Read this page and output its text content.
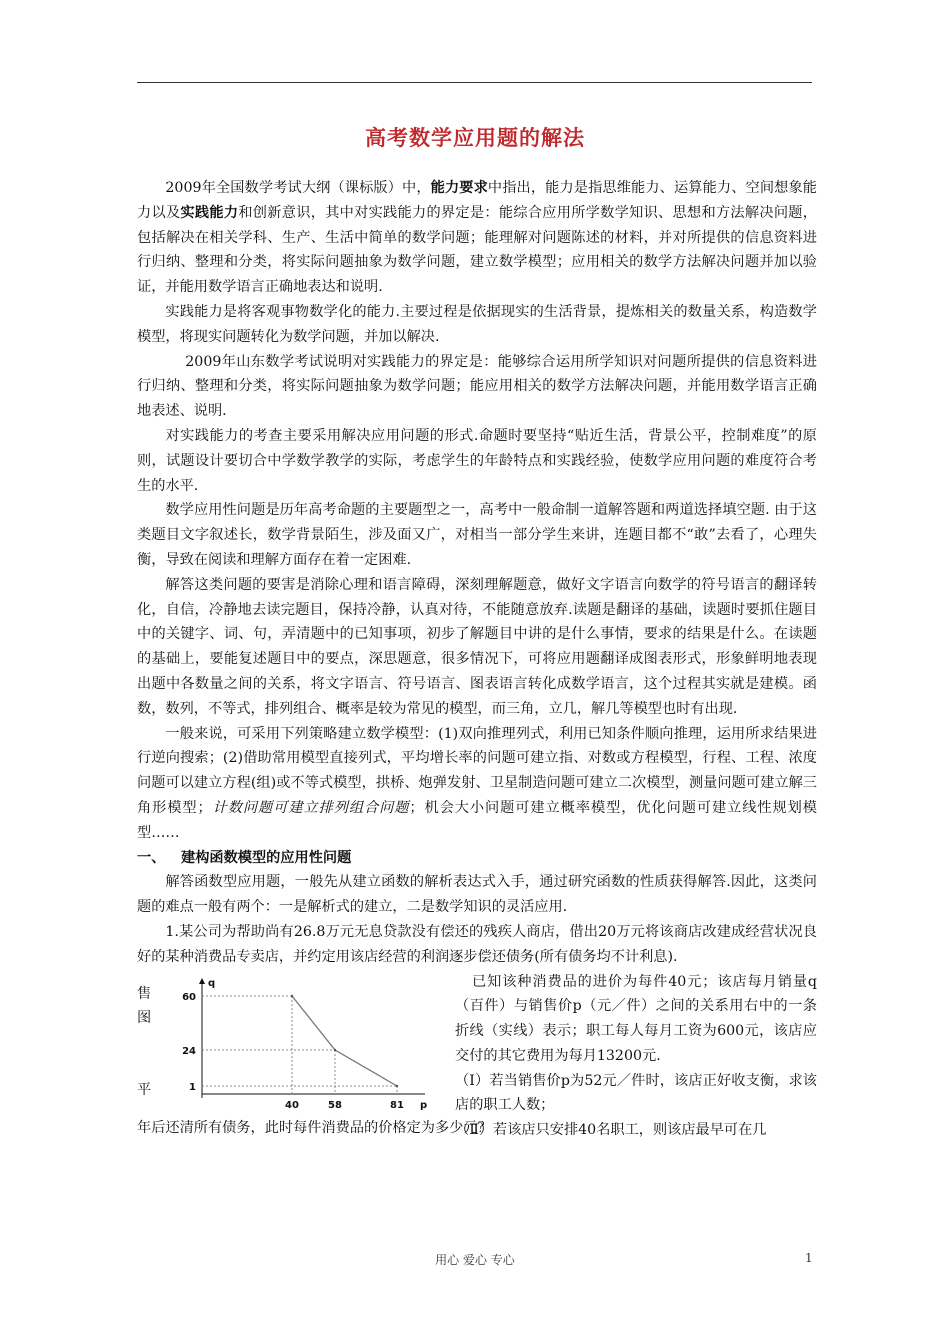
高考数学应用题的解法

2009年全国数学考试大纲（课标版）中，能力要求中指出，能力是指思维能力、运算能力、空间想象能力以及实践能力和创新意识，其中对实践能力的界定是：能综合应用所学数学知识、思想和方法解决问题，包括解决在相关学科、生产、生活中简单的数学问题；能理解对问题陈述的材料，并对所提供的信息资料进行归纳、整理和分类，将实际问题抽象为数学问题，建立数学模型；应用相关的数学方法解决问题并加以验证，并能用数学语言正确地表达和说明.

实践能力是将客观事物数学化的能力.主要过程是依据现实的生活背景，提炼相关的数量关系，构造数学模型，将现实问题转化为数学问题，并加以解决.

2009年山东数学考试说明对实践能力的界定是：能够综合运用所学知识对问题所提供的信息资料进行归纳、整理和分类，将实际问题抽象为数学问题；能应用相关的数学方法解决问题，并能用数学语言正确地表述、说明.

对实践能力的考查主要采用解决应用问题的形式.命题时要坚持“贴近生活，背景公平，控制难度”的原则，试题设计要切合中学数学教学的实际，考虑学生的年龄特点和实践经验，使数学应用问题的难度符合考生的水平.

数学应用性问题是历年高考命题的主要题型之一，高考中一般命制一道解答题和两道选择填空题. 由于这类题目文字叙述长，数学背景陌生，涉及面又广，对相当一部分学生来讲，连题目都不“敢”去看了，心理失衡，导致在阅读和理解方面存在着一定困难.

解答这类问题的要害是消除心理和语言障碍，深刻理解题意，做好文字语言向数学的符号语言的翻译转化，自信，冷静地去读完题目，保持冷静，认真对待，不能随意放弃.读题是翻译的基础，读题时要抓住题目中的关键字、词、句，弄清题中的已知事项，初步了解题目中讲的是什么事情，要求的结果是什么。在读题的基础上，要能复述题目中的要点，深思题意，很多情况下，可将应用题翻译成图表形式，形象鲜明地表现出题中各数量之间的关系，将文字语言、符号语言、图表语言转化成数学语言，这个过程其实就是建模。函数，数列，不等式，排列组合、概率是较为常见的模型，而三角，立几，解几等模型也时有出现.

一般来说，可采用下列策略建立数学模型：(1)双向推理列式，利用已知条件顺向推理，运用所求结果进行逆向搜索；(2)借助常用模型直接列式，平均增长率的问题可建立指、对数或方程模型，行程、工程、浓度问题可以建立方程(组)或不等式模型，拱桥、炮弹发射、卫星制造问题可建立二次模型，测量问题可建立解三角形模型；计数问题可建立排列组合问题；机会大小问题可建立概率模型，优化问题可建立线性规划模型……

一、 建构函数模型的应用性问题

解答函数型应用题，一般先从建立函数的解析表达式入手，通过研究函数的性质获得解答.因此，这类问题的难点一般有两个：一是解析式的建立，二是数学知识的灵活应用.

1.某公司为帮助尚有26.8万元无息贷款没有偿还的残疾人商店，借出20万元将该商店改建成经营状况良好的某种消费品专卖店，并约定用该店经营的利润逐步偿还债务(所有债务均不计利息).

售
图
平
q
p
40	58	81
60
24
1

已知该种消费品的进价为每件40元；该店每月销量q（百件）与销售价p（元／件）之间的关系用右中的一条折线（实线）表示；职工每人每月工资为600元，该店应交付的其它费用为每月13200元.

（Ⅰ）若当销售价p为52元／件时，该店正好收支衡，求该店的职工人数；

（Ⅱ）若该店只安排40名职工，则该店最早可在几

年后还清所有债务，此时每件消费品的价格定为多少元？

用心 爱心 专心	1
